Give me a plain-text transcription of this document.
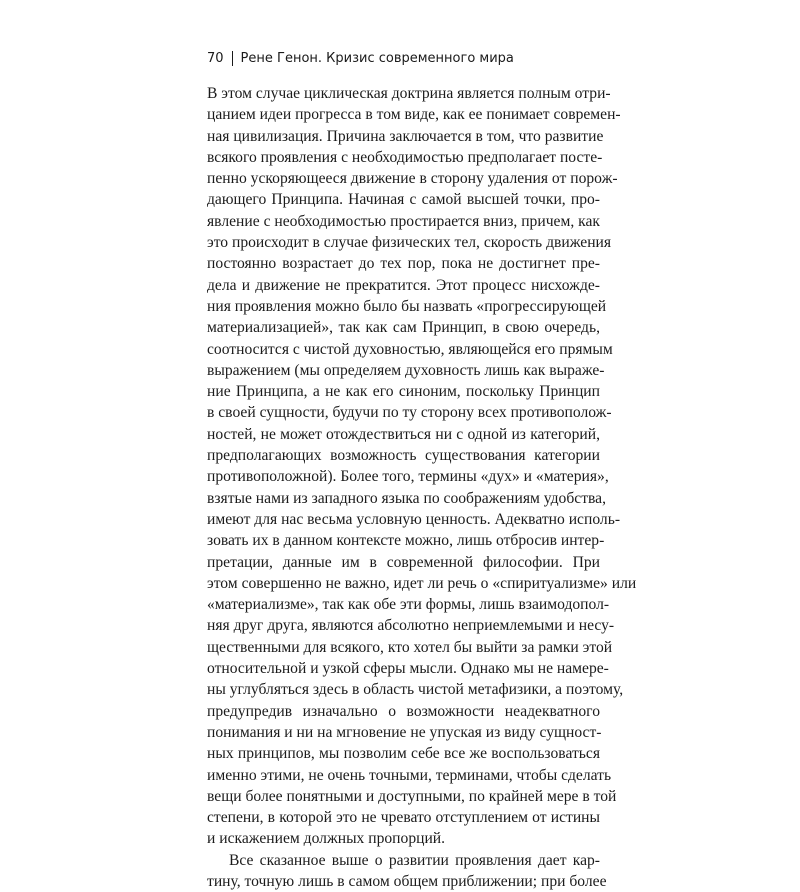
70 Рене Генон. Кризис современного мира
В этом случае циклическая доктрина является полным отри-
цанием идеи прогресса в том виде, как ее понимает современ-
ная цивилизация. Причина заключается в том, что развитие
всякого проявления с необходимостью предполагает посте-
пенно ускоряющееся движение в сторону удаления от порож-
дающего Принципа. Начиная с самой высшей точки, про-
явление с необходимостью простирается вниз, причем, как
это происходит в случае физических тел, скорость движения
постоянно возрастает до тех пор, пока не достигнет пре-
дела и движение не прекратится. Этот процесс нисхожде-
ния проявления можно было бы назвать «прогрессирующей
материализацией», так как сам Принцип, в свою очередь,
соотносится с чистой духовностью, являющейся его прямым
выражением (мы определяем духовность лишь как выраже-
ние Принципа, а не как его синоним, поскольку Принцип
в своей сущности, будучи по ту сторону всех противополож-
ностей, не может отождествиться ни с одной из категорий,
предполагающих возможность существования категории
противоположной). Более того, термины «дух» и «материя»,
взятые нами из западного языка по соображениям удобства,
имеют для нас весьма условную ценность. Адекватно исполь-
зовать их в данном контексте можно, лишь отбросив интер-
претации, данные им в современной философии. При
этом совершенно не важно, идет ли речь о «спиритуализме» или
«материализме», так как обе эти формы, лишь взаимодопол-
няя друг друга, являются абсолютно неприемлемыми и несу-
щественными для всякого, кто хотел бы выйти за рамки этой
относительной и узкой сферы мысли. Однако мы не намере-
ны углубляться здесь в область чистой метафизики, а поэтому,
предупредив изначально о возможности неадекватного
понимания и ни на мгновение не упуская из виду сущност-
ных принципов, мы позволим себе все же воспользоваться
именно этими, не очень точными, терминами, чтобы сделать
вещи более понятными и доступными, по крайней мере в той
степени, в которой это не чревато отступлением от истины
и искажением должных пропорций.
Все сказанное выше о развитии проявления дает кар-
тину, точную лишь в самом общем приближении; при более
